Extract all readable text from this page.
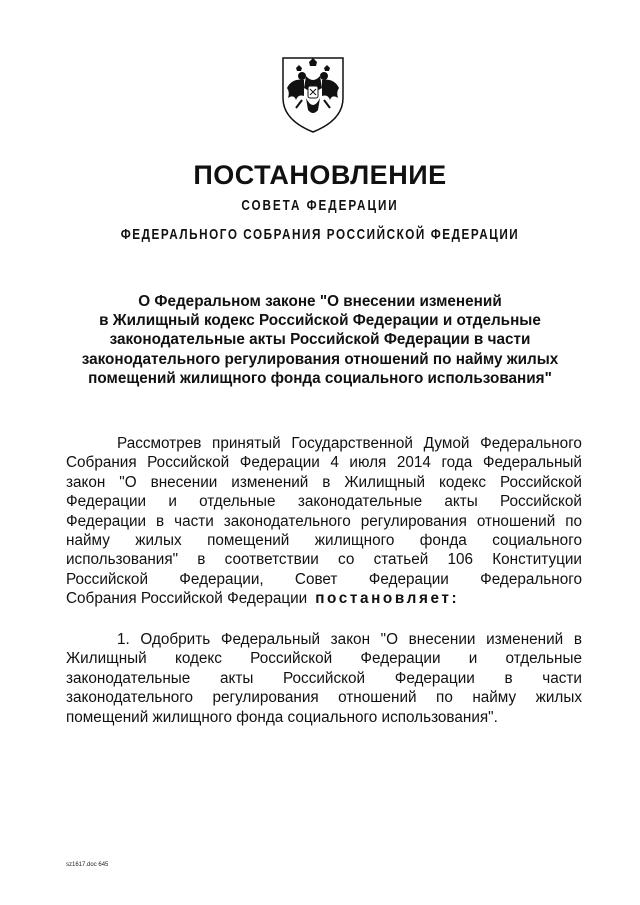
ПОСТАНОВЛЕНИЕ
СОВЕТА ФЕДЕРАЦИИ
ФЕДЕРАЛЬНОГО СОБРАНИЯ РОССИЙСКОЙ ФЕДЕРАЦИИ
О Федеральном законе "О внесении изменений
в Жилищный кодекс Российской Федерации и отдельные
законодательные акты Российской Федерации в части
законодательного регулирования отношений по найму жилых
помещений жилищного фонда социального использования"
Рассмотрев принятый Государственной Думой Федерального
Собрания Российской Федерации 4 июля 2014 года Федеральный
закон "О внесении изменений в Жилищный кодекс Российской
Федерации и отдельные законодательные акты Российской
Федерации в части законодательного регулирования отношений по
найму жилых помещений жилищного фонда социального
использования" в соответствии со статьей 106 Конституции
Российской Федерации, Совет Федерации Федерального
Собрания Российской Федерации постановляет:
1. Одобрить Федеральный закон "О внесении изменений в
Жилищный кодекс Российской Федерации и отдельные
законодательные акты Российской Федерации в части
законодательного регулирования отношений по найму жилых
помещений жилищного фонда социального использования".
sz1617.doc 645
